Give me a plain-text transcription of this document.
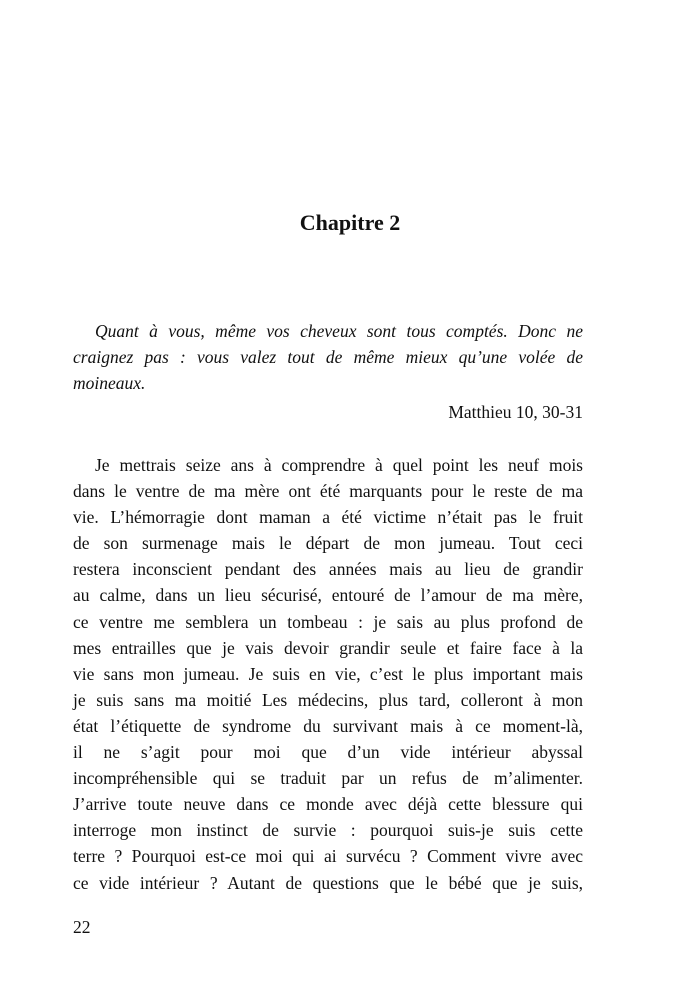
Chapitre 2

Quant à vous, même vos cheveux sont tous comptés. Donc ne craignez pas : vous valez tout de même mieux qu’une volée de moineaux.

Matthieu 10, 30-31

Je mettrais seize ans à comprendre à quel point les neuf mois
dans le ventre de ma mère ont été marquants pour le reste de ma
vie. L’hémorragie dont maman a été victime n’était pas le fruit
de son surmenage mais le départ de mon jumeau. Tout ceci
restera inconscient pendant des années mais au lieu de grandir
au calme, dans un lieu sécurisé, entouré de l’amour de ma mère,
ce ventre me semblera un tombeau : je sais au plus profond de
mes entrailles que je vais devoir grandir seule et faire face à la
vie sans mon jumeau. Je suis en vie, c’est le plus important mais
je suis sans ma moitié Les médecins, plus tard, colleront à mon
état l’étiquette de syndrome du survivant mais à ce moment-là,
il ne s’agit pour moi que d’un vide intérieur abyssal
incompréhensible qui se traduit par un refus de m’alimenter.
J’arrive toute neuve dans ce monde avec déjà cette blessure qui
interroge mon instinct de survie : pourquoi suis-je suis cette
terre ? Pourquoi est-ce moi qui ai survécu ? Comment vivre avec
ce vide intérieur ? Autant de questions que le bébé que je suis,

22
